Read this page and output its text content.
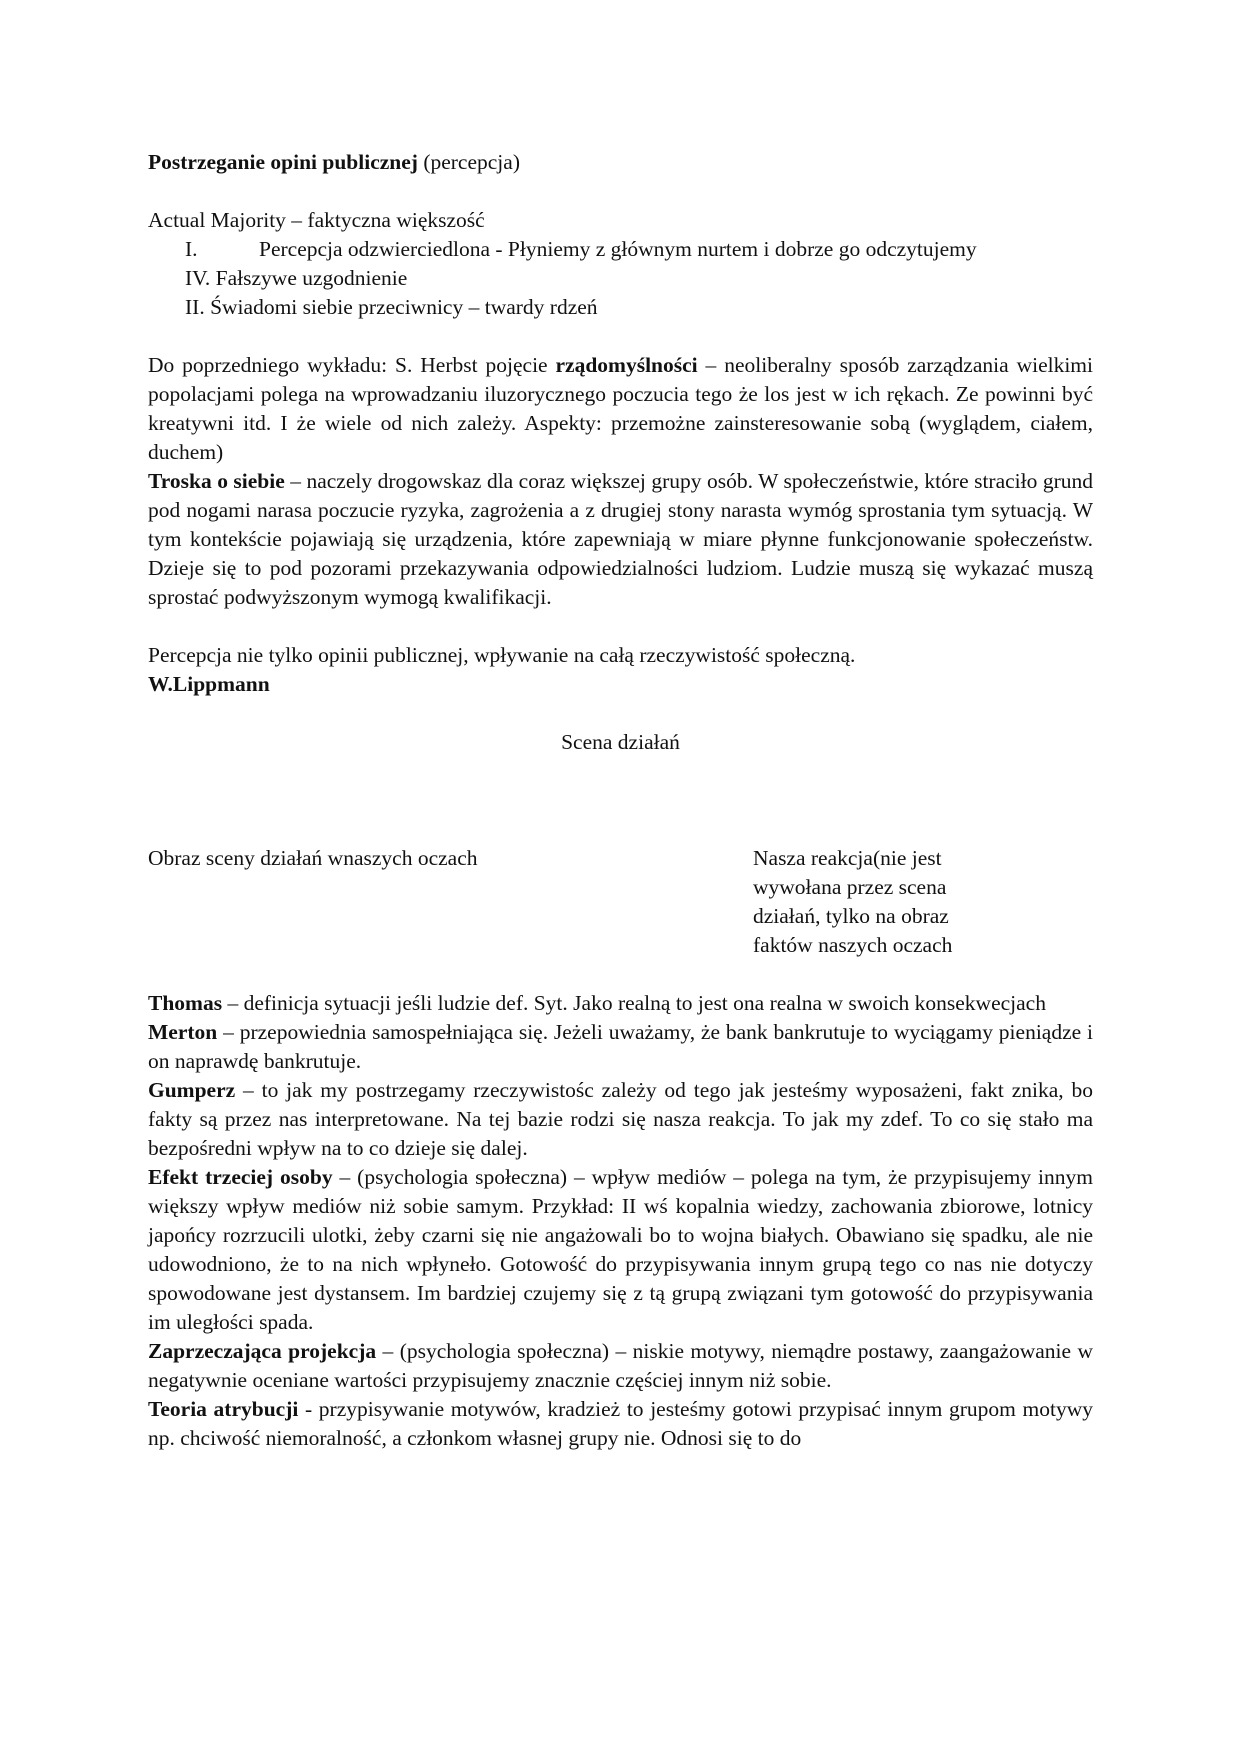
Postrzeganie opini publicznej (percepcja)

Actual Majority – faktyczna większość

I.	Percepcja odzwierciedlona - Płyniemy z głównym nurtem i dobrze go odczytujemy
IV. Fałszywe uzgodnienie
II. Świadomi siebie przeciwnicy – twardy rdzeń

Do poprzedniego wykładu: S. Herbst pojęcie rządomyślności – neoliberalny sposób zarządzania wielkimi popolacjami polega na wprowadzaniu iluzorycznego poczucia tego że los jest w ich rękach. Ze powinni być kreatywni itd. I że wiele od nich zależy. Aspekty: przemożne zainsteresowanie sobą (wyglądem, ciałem, duchem)

Troska o siebie – naczely drogowskaz dla coraz większej grupy osób. W społeczeństwie, które straciło grund pod nogami narasa poczucie ryzyka, zagrożenia a z drugiej stony narasta wymóg sprostania tym sytuacją. W tym kontekście pojawiają się urządzenia, które zapewniają w miare płynne funkcjonowanie społeczeństw. Dzieje się to pod pozorami przekazywania odpowiedzialności ludziom. Ludzie muszą się wykazać muszą sprostać podwyższonym wymogą kwalifikacji.

Percepcja nie tylko opinii publicznej, wpływanie na całą rzeczywistość społeczną.

W.Lippmann

Scena działań

Obraz sceny działań wnaszych oczach	Nasza reakcja(nie jest
wywołana przez scena
działań, tylko na obraz
faktów naszych oczach

Thomas – definicja sytuacji jeśli ludzie def. Syt. Jako realną to jest ona realna w swoich konsekwecjach

Merton – przepowiednia samospełniająca się. Jeżeli uważamy, że bank bankrutuje to wyciągamy pieniądze i on naprawdę bankrutuje.

Gumperz – to jak my postrzegamy rzeczywistośc zależy od tego jak jesteśmy wyposażeni, fakt znika, bo fakty są przez nas interpretowane. Na tej bazie rodzi się nasza reakcja. To jak my zdef. To co się stało ma bezpośredni wpływ na to co dzieje się dalej.

Efekt trzeciej osoby – (psychologia społeczna) – wpływ mediów – polega na tym, że przypisujemy innym większy wpływ mediów niż sobie samym. Przykład: II wś kopalnia wiedzy, zachowania zbiorowe, lotnicy japońcy rozrzucili ulotki, żeby czarni się nie angażowali bo to wojna białych. Obawiano się spadku, ale nie udowodniono, że to na nich wpłyneło. Gotowość do przypisywania innym grupą tego co nas nie dotyczy spowodowane jest dystansem. Im bardziej czujemy się z tą grupą związani tym gotowość do przypisywania im uległości spada.

Zaprzeczająca projekcja – (psychologia społeczna) – niskie motywy, niemądre postawy, zaangażowanie w negatywnie oceniane wartości przypisujemy znacznie częściej innym niż sobie.

Teoria atrybucji - przypisywanie motywów, kradzież to jesteśmy gotowi przypisać innym grupom motywy np. chciwość niemoralność, a członkom własnej grupy nie. Odnosi się to do
